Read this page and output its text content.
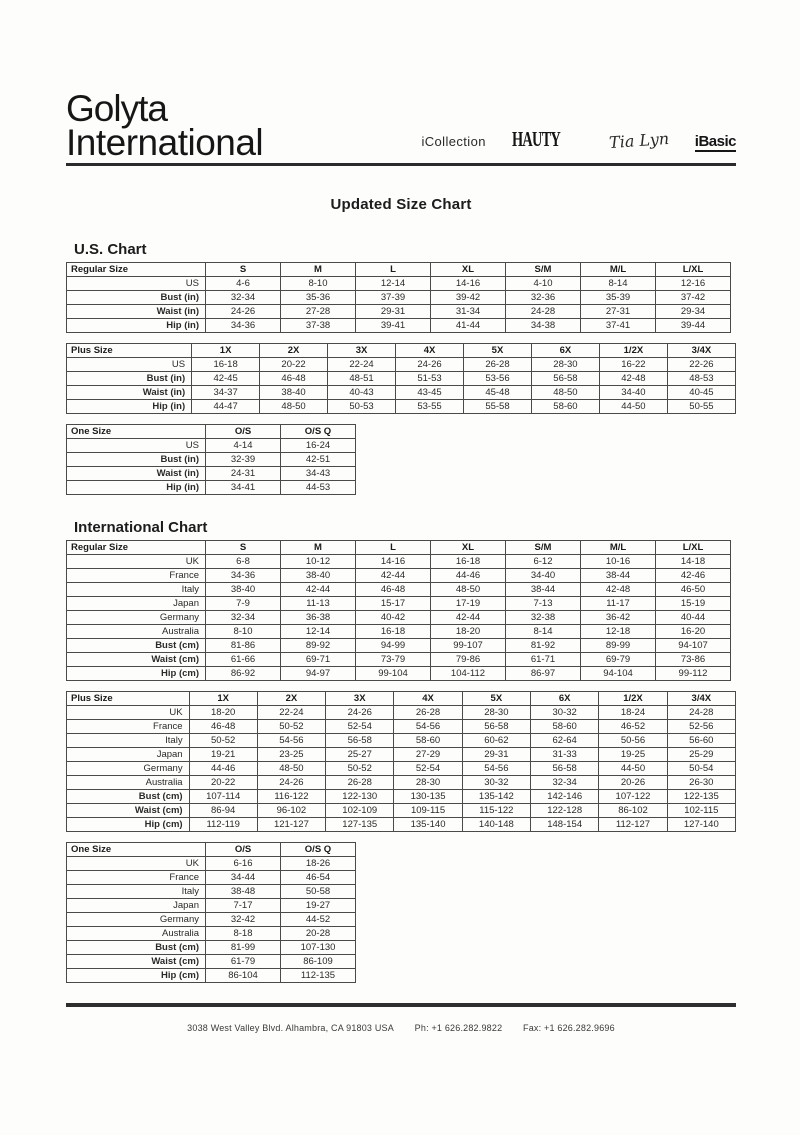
Golyta
International	iCollection HAUTY	Tia Lyn iBasic
Updated Size Chart
U.S. Chart
Regular Size	S	M	L	XL	S/M	M/L	L/XL
US	4-6	8-10	12-14	14-16	4-10	8-14	12-16
Bust (in)	32-34	35-36	37-39	39-42	32-36	35-39	37-42
Waist (in)	24-26	27-28	29-31	31-34	24-28	27-31	29-34
Hip (in)	34-36	37-38	39-41	41-44	34-38	37-41	39-44
Plus Size	1X	2X	3X	4X	5X	6X	1/2X	3/4X
US	16-18	20-22	22-24	24-26	26-28	28-30	16-22	22-26
Bust (in)	42-45	46-48	48-51	51-53	53-56	56-58	42-48	48-53
Waist (in)	34-37	38-40	40-43	43-45	45-48	48-50	34-40	40-45
Hip (in)	44-47	48-50	50-53	53-55	55-58	58-60	44-50	50-55
One Size	O/S	O/S Q
US	4-14	16-24
Bust (in)	32-39	42-51
Waist (in)	24-31	34-43
Hip (in)	34-41	44-53
International Chart
Regular Size	S	M	L	XL	S/M	M/L	L/XL
UK	6-8	10-12	14-16	16-18	6-12	10-16	14-18
France	34-36	38-40	42-44	44-46	34-40	38-44	42-46
Italy	38-40	42-44	46-48	48-50	38-44	42-48	46-50
Japan	7-9	11-13	15-17	17-19	7-13	11-17	15-19
Germany	32-34	36-38	40-42	42-44	32-38	36-42	40-44
Australia	8-10	12-14	16-18	18-20	8-14	12-18	16-20
Bust (cm)	81-86	89-92	94-99	99-107	81-92	89-99	94-107
Waist (cm)	61-66	69-71	73-79	79-86	61-71	69-79	73-86
Hip (cm)	86-92	94-97	99-104	104-112	86-97	94-104	99-112
Plus Size	1X	2X	3X	4X	5X	6X	1/2X	3/4X
UK	18-20	22-24	24-26	26-28	28-30	30-32	18-24	24-28
France	46-48	50-52	52-54	54-56	56-58	58-60	46-52	52-56
Italy	50-52	54-56	56-58	58-60	60-62	62-64	50-56	56-60
Japan	19-21	23-25	25-27	27-29	29-31	31-33	19-25	25-29
Germany	44-46	48-50	50-52	52-54	54-56	56-58	44-50	50-54
Australia	20-22	24-26	26-28	28-30	30-32	32-34	20-26	26-30
Bust (cm)	107-114	116-122	122-130	130-135	135-142	142-146	107-122	122-135
Waist (cm)	86-94	96-102	102-109	109-115	115-122	122-128	86-102	102-115
Hip (cm)	112-119	121-127	127-135	135-140	140-148	148-154	112-127	127-140
One Size	O/S	O/S Q
UK	6-16	18-26
France	34-44	46-54
Italy	38-48	50-58
Japan	7-17	19-27
Germany	32-42	44-52
Australia	8-18	20-28
Bust (cm)	81-99	107-130
Waist (cm)	61-79	86-109
Hip (cm)	86-104	112-135
3038 West Valley Blvd. Alhambra, CA 91803 USA Ph: +1 626.282.9822 Fax: +1 626.282.9696
